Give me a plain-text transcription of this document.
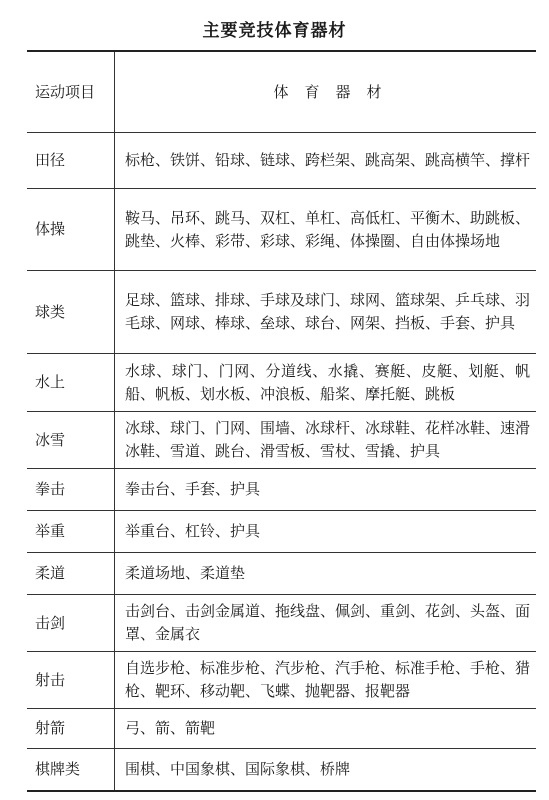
主要竞技体育器材
运动项目	体育器材
田径	标枪、铁饼、铅球、链球、跨栏架、跳高架、跳高横竿、撑杆
体操	鞍马、吊环、跳马、双杠、单杠、高低杠、平衡木、助跳板、跳垫、火棒、彩带、彩球、彩绳、体操圈、自由体操场地
球类	足球、篮球、排球、手球及球门、球网、篮球架、乒乓球、羽毛球、网球、棒球、垒球、球台、网架、挡板、手套、护具
水上	水球、球门、门网、分道线、水撬、赛艇、皮艇、划艇、帆船、帆板、划水板、冲浪板、船桨、摩托艇、跳板
冰雪	冰球、球门、门网、围墙、冰球杆、冰球鞋、花样冰鞋、速滑冰鞋、雪道、跳台、滑雪板、雪杖、雪撬、护具
拳击	拳击台、手套、护具
举重	举重台、杠铃、护具
柔道	柔道场地、柔道垫
击剑	击剑台、击剑金属道、拖线盘、佩剑、重剑、花剑、头盔、面罩、金属衣
射击	自选步枪、标准步枪、汽步枪、汽手枪、标准手枪、手枪、猎枪、靶环、移动靶、飞蝶、抛靶器、报靶器
射箭	弓、箭、箭靶
棋牌类	围棋、中国象棋、国际象棋、桥牌
